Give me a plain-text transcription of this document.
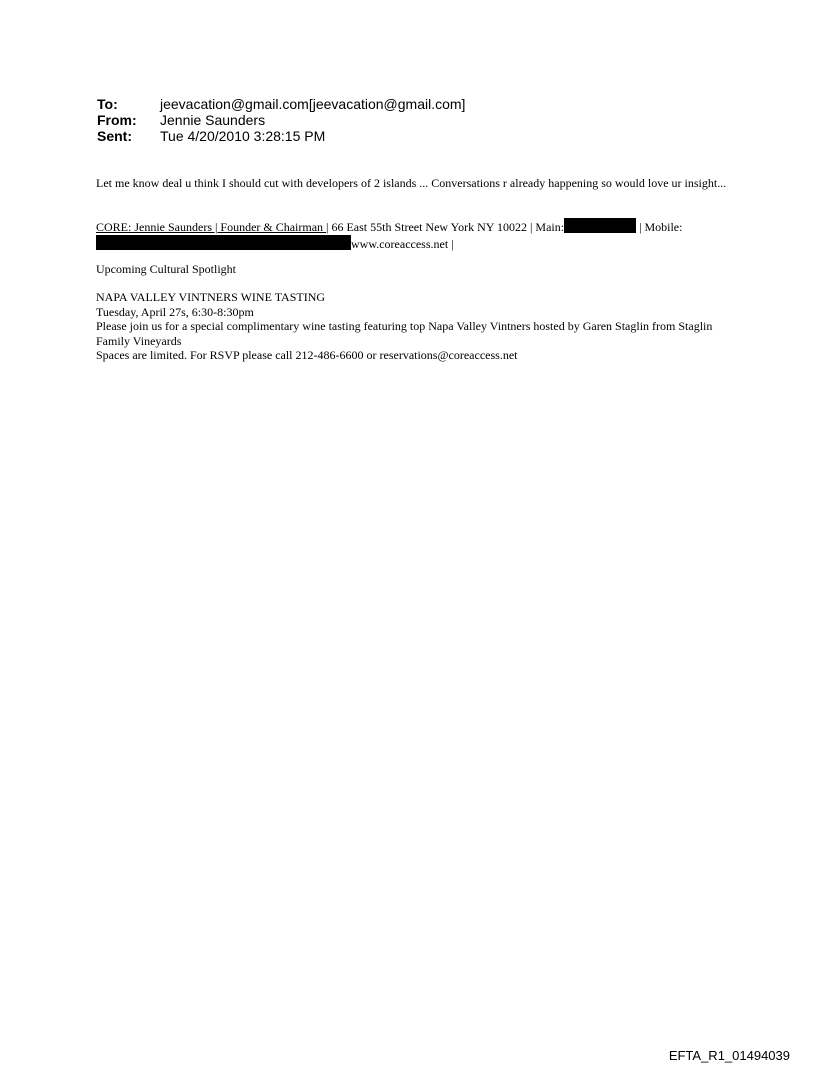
To:	jeevacation@gmail.com[jeevacation@gmail.com]
From:	Jennie Saunders
Sent:	Tue 4/20/2010 3:28:15 PM
Let me know deal u think I should cut with developers of 2 islands ... Conversations r already happening so would love ur insight...
CORE: Jennie Saunders | Founder & Chairman | 66 East 55th Street New York NY 10022 | Main:	| Mobile:
www.coreaccess.net |
Upcoming Cultural Spotlight
NAPA VALLEY VINTNERS WINE TASTING
Tuesday, April 27s, 6:30-8:30pm
Please join us for a special complimentary wine tasting featuring top Napa Valley Vintners hosted by Garen Staglin from Staglin Family Vineyards
Spaces are limited. For RSVP please call 212-486-6600 or reservations@coreaccess.net
EFTA_R1_01494039
